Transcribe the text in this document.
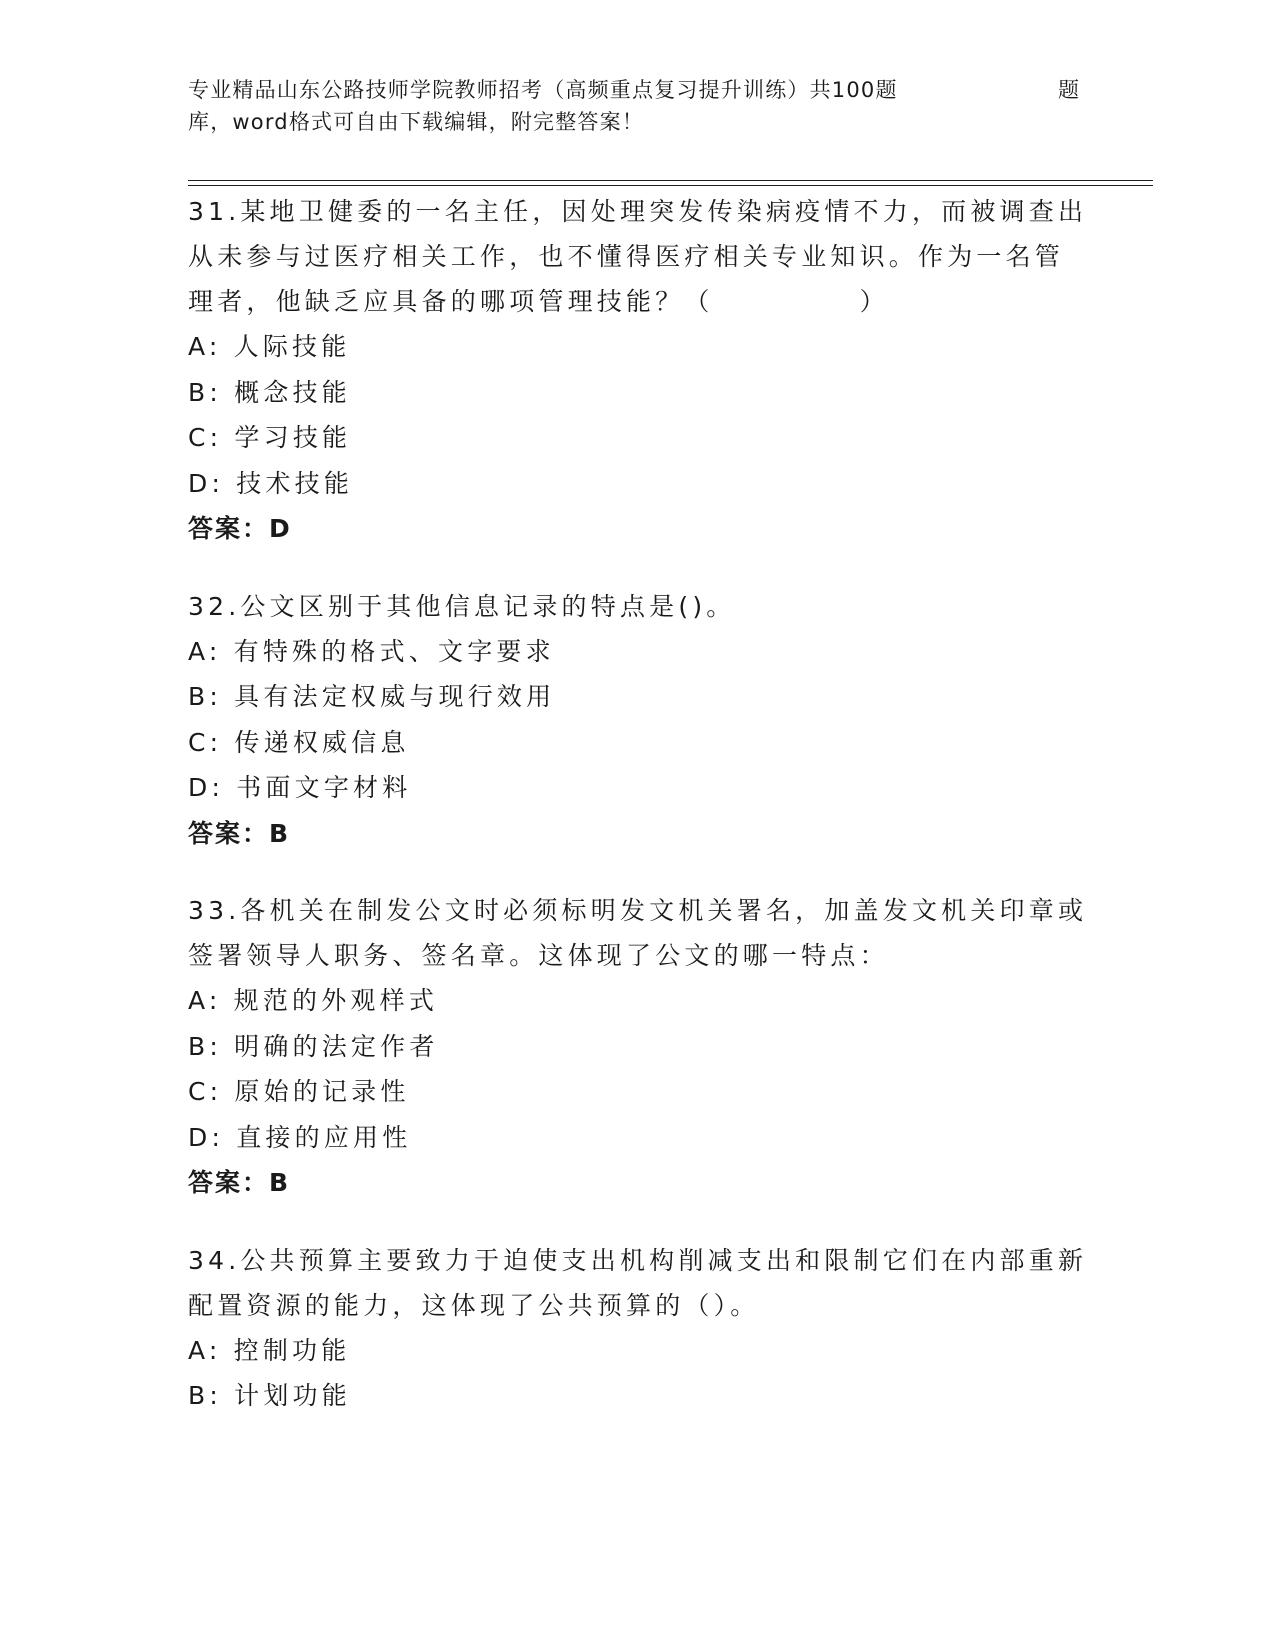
专业精品山东公路技师学院教师招考（高频重点复习提升训练）共100题	题
库，word格式可自由下载编辑，附完整答案！
31.某地卫健委的一名主任，因处理突发传染病疫情不力，而被调查出从未参与过医疗相关工作，也不懂得医疗相关专业知识。作为一名管理者，他缺乏应具备的哪项管理技能？（　　　　　）
A: 人际技能
B: 概念技能
C: 学习技能
D: 技术技能
答案：D
32.公文区别于其他信息记录的特点是()。
A: 有特殊的格式、文字要求
B: 具有法定权威与现行效用
C: 传递权威信息
D: 书面文字材料
答案：B
33.各机关在制发公文时必须标明发文机关署名，加盖发文机关印章或签署领导人职务、签名章。这体现了公文的哪一特点：
A: 规范的外观样式
B: 明确的法定作者
C: 原始的记录性
D: 直接的应用性
答案：B
34.公共预算主要致力于迫使支出机构削减支出和限制它们在内部重新配置资源的能力，这体现了公共预算的（）。
A: 控制功能
B: 计划功能
